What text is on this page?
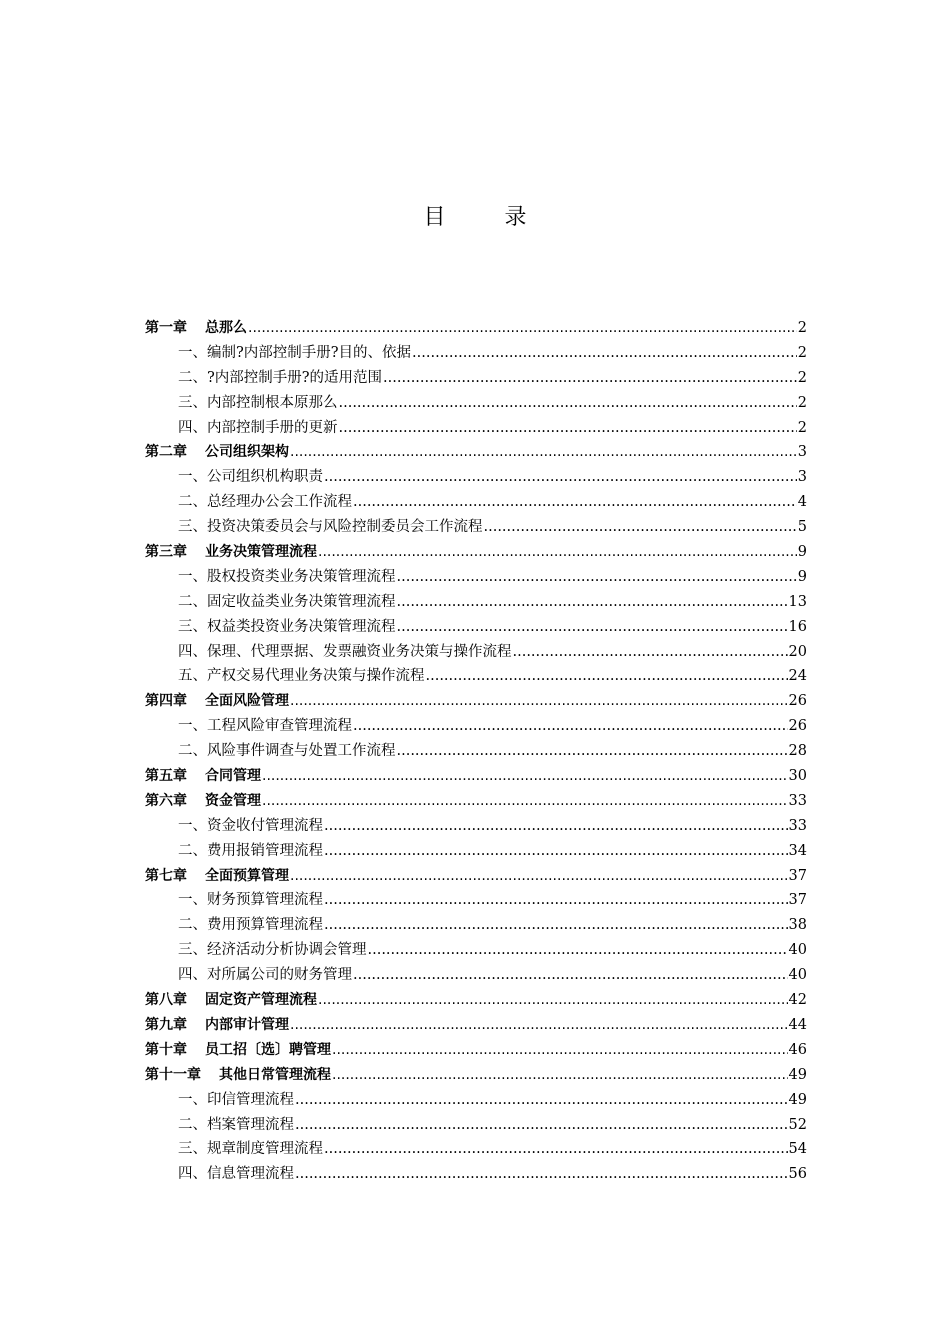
目 录
第一章 总那么 .....	2
一、 编制?内部控制手册?目的、依据 .....	2
二、 ?内部控制手册?的适用范围 .....	2
三、 内部控制根本原那么 .....	2
四、 内部控制手册的更新 .....	2
第二章 公司组织架构 .....	3
一、 公司组织机构职责 .....	3
二、 总经理办公会工作流程 .....	4
三、 投资决策委员会与风险控制委员会工作流程 .....	5
第三章 业务决策管理流程 .....	9
一、 股权投资类业务决策管理流程 .....	9
二、 固定收益类业务决策管理流程 .....	13
三、 权益类投资业务决策管理流程 .....	16
四、 保理、代理票据、发票融资业务决策与操作流程 .....	20
五、 产权交易代理业务决策与操作流程 .....	24
第四章 全面风险管理 .....	26
一、 工程风险审查管理流程 .....	26
二、 风险事件调查与处置工作流程 .....	28
第五章 合同管理 .....	30
第六章 资金管理 .....	33
一、 资金收付管理流程 .....	33
二、 费用报销管理流程 .....	34
第七章 全面预算管理 .....	37
一、 财务预算管理流程 .....	37
二、 费用预算管理流程 .....	38
三、 经济活动分析协调会管理 .....	40
四、 对所属公司的财务管理 .....	40
第八章 固定资产管理流程 .....	42
第九章 内部审计管理 .....	44
第十章 员工招〔选〕聘管理 .....	46
第十一章 其他日常管理流程 .....	49
一、 印信管理流程 .....	49
二、 档案管理流程 .....	52
三、 规章制度管理流程 .....	54
四、 信息管理流程 .....	56
